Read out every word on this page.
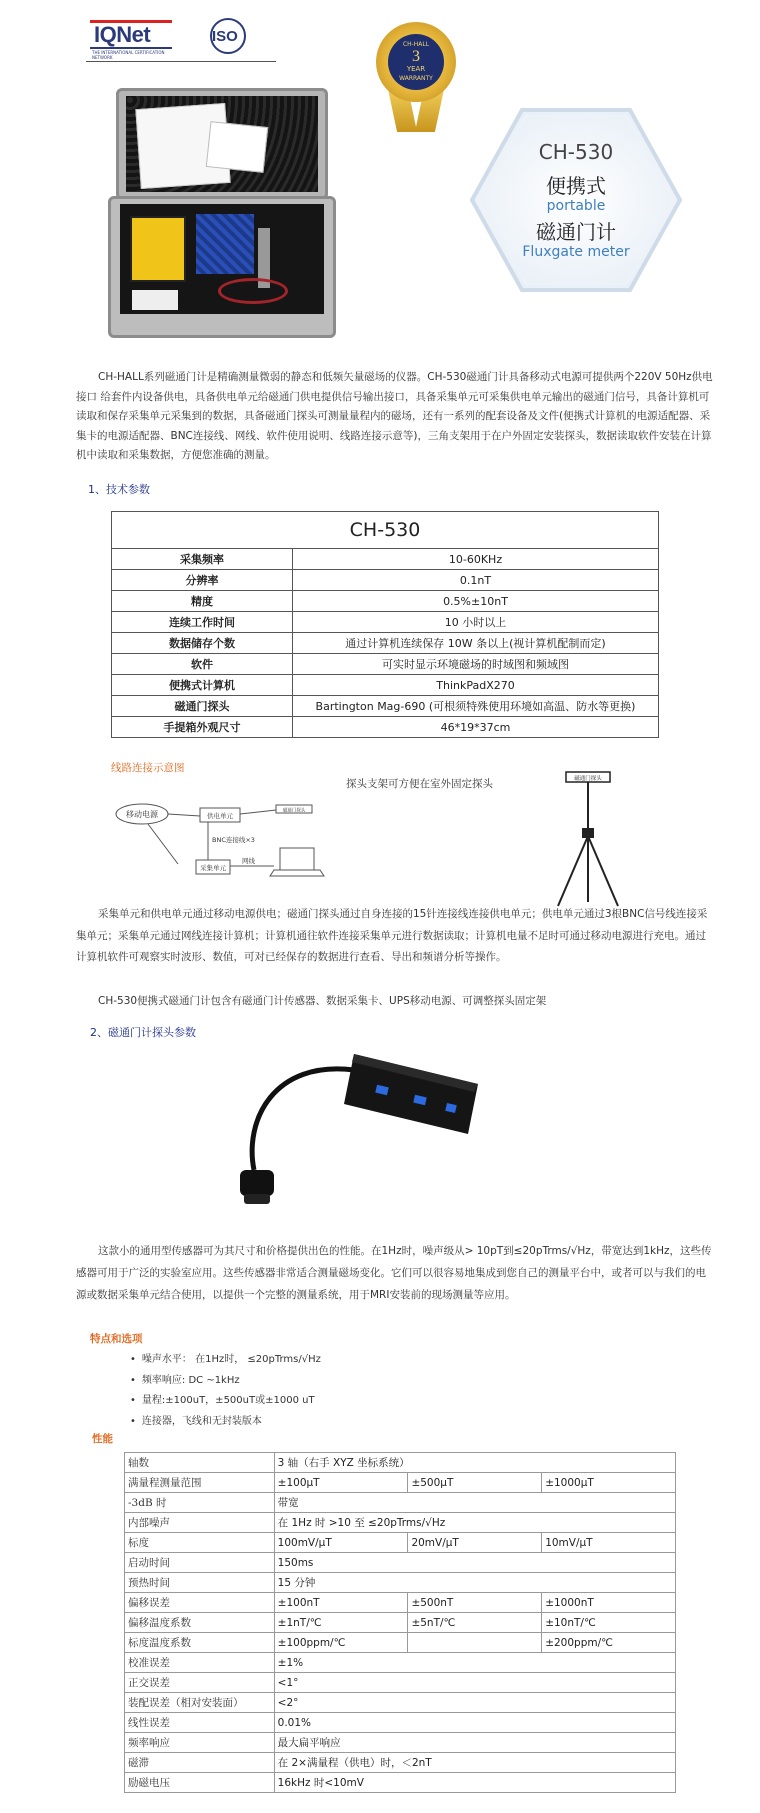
IQNet
THE INTERNATIONAL CERTIFICATION NETWORK
ISO	CH-HALL
3
YEAR
WARRANTY
CH-530
便携式
portable
磁通门计
Fluxgate meter

CH-HALL系列磁通门计是精确测量微弱的静态和低频矢量磁场的仪器。CH-530磁通门计具备移动式电源可提供两个220V 50Hz供电接口 给套件内设备供电，具备供电单元给磁通门供电提供信号输出接口，具备采集单元可采集供电单元输出的磁通门信号，具备计算机可读取和保存采集单元采集到的数据，具备磁通门探头可测量量程内的磁场，还有一系列的配套设备及文件(便携式计算机的电源适配器、采集卡的电源适配器、BNC连接线、网线、软件使用说明、线路连接示意等)，三角支架用于在户外固定安装探头，数据读取软件安装在计算机中读取和采集数据，方便您准确的测量。

1、技术参数
CH-530	
采集频率	10-60KHz
分辨率	0.1nT
精度	0.5%±10nT
连续工作时间	10 小时以上
数据储存个数	通过计算机连续保存 10W 条以上(视计算机配制而定)
软件	可实时显示环境磁场的时域图和频域图
便携式计算机	ThinkPadX270
磁通门探头	Bartington Mag-690 (可根须特殊使用环境如高温、防水等更换)
手提箱外观尺寸	46*19*37cm
线路连接示意图
探头支架可方便在室外固定探头
移动电源	供电单元
磁通门探头
BNC连接线×3
采集单元
网线
磁通门探头

采集单元和供电单元通过移动电源供电；磁通门探头通过自身连接的15针连接线连接供电单元；供电单元通过3根BNC信号线连接采集单元；采集单元通过网线连接计算机；计算机通往软件连接采集单元进行数据读取；计算机电量不足时可通过移动电源进行充电。通过计算机软件可观察实时波形、数值，可对已经保存的数据进行查看、导出和频谱分析等操作。

CH-530便携式磁通门计包含有磁通门计传感器、数据采集卡、UPS移动电源、可调整探头固定架

2、磁通门计探头参数

这款小的通用型传感器可为其尺寸和价格提供出色的性能。在1Hz时，噪声级从> 10pT到≤20pTrms/√Hz，带宽达到1kHz，这些传感器可用于广泛的实验室应用。这些传感器非常适合测量磁场变化。它们可以很容易地集成到您自己的测量平台中，或者可以与我们的电源或数据采集单元结合使用，以提供一个完整的测量系统，用于MRI安装前的现场测量等应用。

特点和选项
• 噪声水平： 在1Hz时， ≤20pTrms/√Hz
• 频率响应: DC ~1kHz
• 量程:±100uT，±500uT或±1000 uT
• 连接器，飞线和无封装版本
性能
轴数	3 轴（右手 XYZ 坐标系统）		
满量程测量范围	±100μT	±500μT	±1000μT
-3dB 时	带宽		
内部噪声	在 1Hz 时 >10 至 ≤20pTrms/√Hz		
标度	100mV/μT	20mV/μT	10mV/μT
启动时间	150ms		
预热时间	15 分钟		
偏移误差	±100nT	±500nT	±1000nT
偏移温度系数	±1nT/℃	±5nT/℃	±10nT/℃
标度温度系数	±100ppm/℃		±200ppm/℃
校准误差	±1%		
正交误差	<1°		
装配误差（相对安装面）	<2°		
线性误差	0.01%		
频率响应	最大扁平响应		
磁滞	在 2×满量程（供电）时，＜2nT		
励磁电压	16kHz 时<10mV		
